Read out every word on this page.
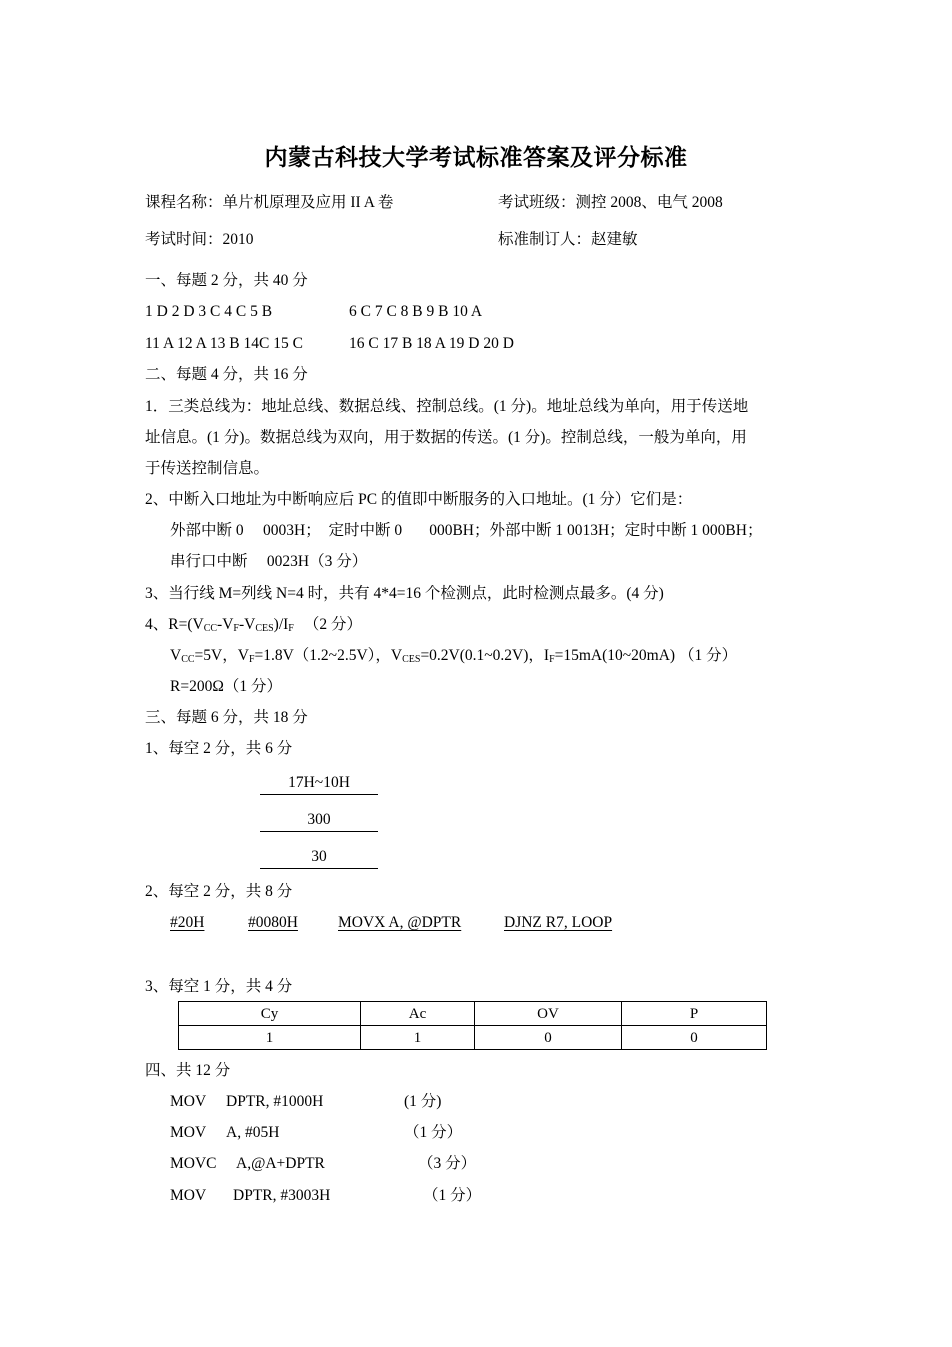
内蒙古科技大学考试标准答案及评分标准
课程名称：单片机原理及应用 II A 卷	考试班级：测控 2008、电气 2008
考试时间：2010	标准制订人：赵建敏
一、每题 2 分，共 40 分
1 D 2 D 3 C 4 C 5 B	6 C 7 C 8 B 9 B 10 A
11 A 12 A 13 B 14C 15 C	16 C 17 B 18 A 19 D 20 D
二、每题 4 分，共 16 分
1．三类总线为：地址总线、数据总线、控制总线。(1 分)。地址总线为单向，用于传送地
址信息。(1 分)。数据总线为双向，用于数据的传送。(1 分)。控制总线，一般为单向，用
于传送控制信息。
2、中断入口地址为中断响应后 PC 的值即中断服务的入口地址。(1 分）它们是：
外部中断 0     0003H；  定时中断 0       000BH；外部中断 1 0013H；定时中断 1 000BH；
串行口中断     0023H（3 分）
3、当行线 M=列线 N=4 时，共有 4*4=16 个检测点，此时检测点最多。(4 分)
4、$R=(V_{CC}-V_F-V_{CES})/I_F$ （2 分）
$V_{CC}=5V$，$V_F=1.8V(1.2\sim 2.5V)$，$V_{CES}=0.2V(0.1\sim 0.2V)$，$I_F=15mA(10\sim 20mA)$ （1 分）
R=200Ω（1 分）
三、每题 6 分，共 18 分
1、每空 2 分，共 6 分
17H~10H
300
30
2、每空 2 分，共 8 分
#20H	#0080H	MOVX A, @DPTR	DJNZ R7, LOOP
3、每空 1 分，共 4 分
Cy	Ac	OV	P
1	1	0	0
四、共 12 分
MOV DPTR, #1000H	(1 分)
MOV A, #05H	（1 分）
MOVC A,@A+DPTR	（3 分）
MOV DPTR, #3003H	（1 分）
